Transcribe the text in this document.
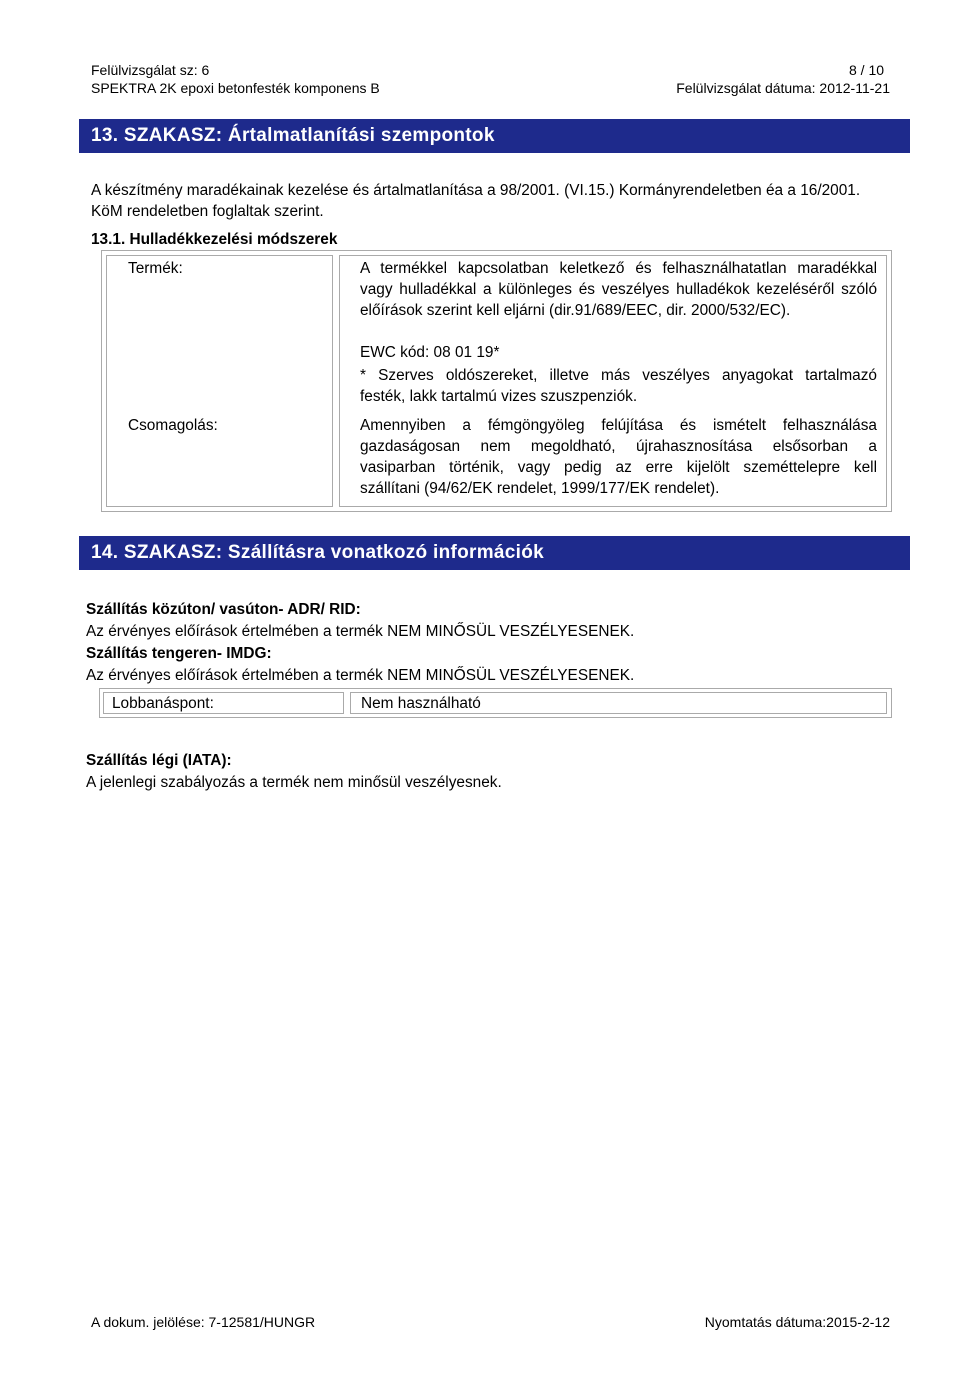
Felülvizsgálat sz: 6	8 / 10
SPEKTRA 2K epoxi betonfesték komponens B	Felülvizsgálat dátuma: 2012-11-21
13. SZAKASZ: Ártalmatlanítási szempontok
A készítmény maradékainak kezelése és ártalmatlanítása a 98/2001. (VI.15.) Kormányrendeletben éa a 16/2001.
KöM rendeletben foglaltak szerint.
13.1. Hulladékkezelési módszerek
Termék:	A termékkel kapcsolatban keletkező és felhasználhatatlan maradékkal
vagy hulladékkal a különleges és veszélyes hulladékok kezeléséről szóló
előírások szerint kell eljárni (dir.91/689/EEC, dir. 2000/532/EC).
EWC kód: 08 01 19*
* Szerves oldószereket, illetve más veszélyes anyagokat tartalmazó
festék, lakk tartalmú vizes szuszpenziók.
Csomagolás:	Amennyiben a fémgöngyöleg felújítása és ismételt felhasználása
gazdaságosan nem megoldható, újrahasznosítása elsősorban a
vasiparban történik, vagy pedig az erre kijelölt szeméttelepre kell
szállítani (94/62/EK rendelet, 1999/177/EK rendelet).
14. SZAKASZ: Szállításra vonatkozó információk
Szállítás közúton/ vasúton- ADR/ RID:
Az érvényes előírások értelmében a termék NEM MINŐSÜL VESZÉLYESENEK.
Szállítás tengeren- IMDG:
Az érvényes előírások értelmében a termék NEM MINŐSÜL VESZÉLYESENEK.
Lobbanáspont:	Nem használható
Szállítás légi (IATA):
A jelenlegi szabályozás a termék nem minősül veszélyesnek.
A dokum. jelölése: 7-12581/HUNGR	Nyomtatás dátuma:2015-2-12
